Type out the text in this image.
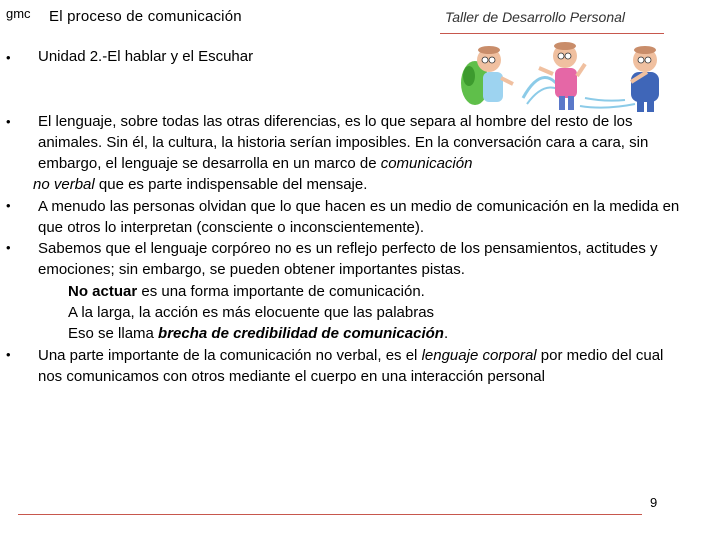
gmc El proceso de comunicación	Taller de Desarrollo Personal
• Unidad 2.-El hablar y el Escuhar
• El lenguaje, sobre todas las otras diferencias, es lo que separa al hombre del resto de los
animales. Sin él, la cultura, la historia serían imposibles. En la conversación cara a cara, sin
embargo, el lenguaje se desarrolla en un marco de comunicación
no verbal que es parte indispensable del mensaje.
• A menudo las personas olvidan que lo que hacen es un medio de comunicación en la medida en
que otros lo interpretan (consciente o inconscientemente).
• Sabemos que el lenguaje corpóreo no es un reflejo perfecto de los pensamientos, actitudes y
emociones; sin embargo, se pueden obtener importantes pistas.
No actuar es una forma importante de comunicación.
A la larga, la acción es más elocuente que las palabras
Eso se llama brecha de credibilidad de comunicación.
• Una parte importante de la comunicación no verbal, es el lenguaje corporal por medio del cual
nos comunicamos con otros mediante el cuerpo en una interacción personal
9
